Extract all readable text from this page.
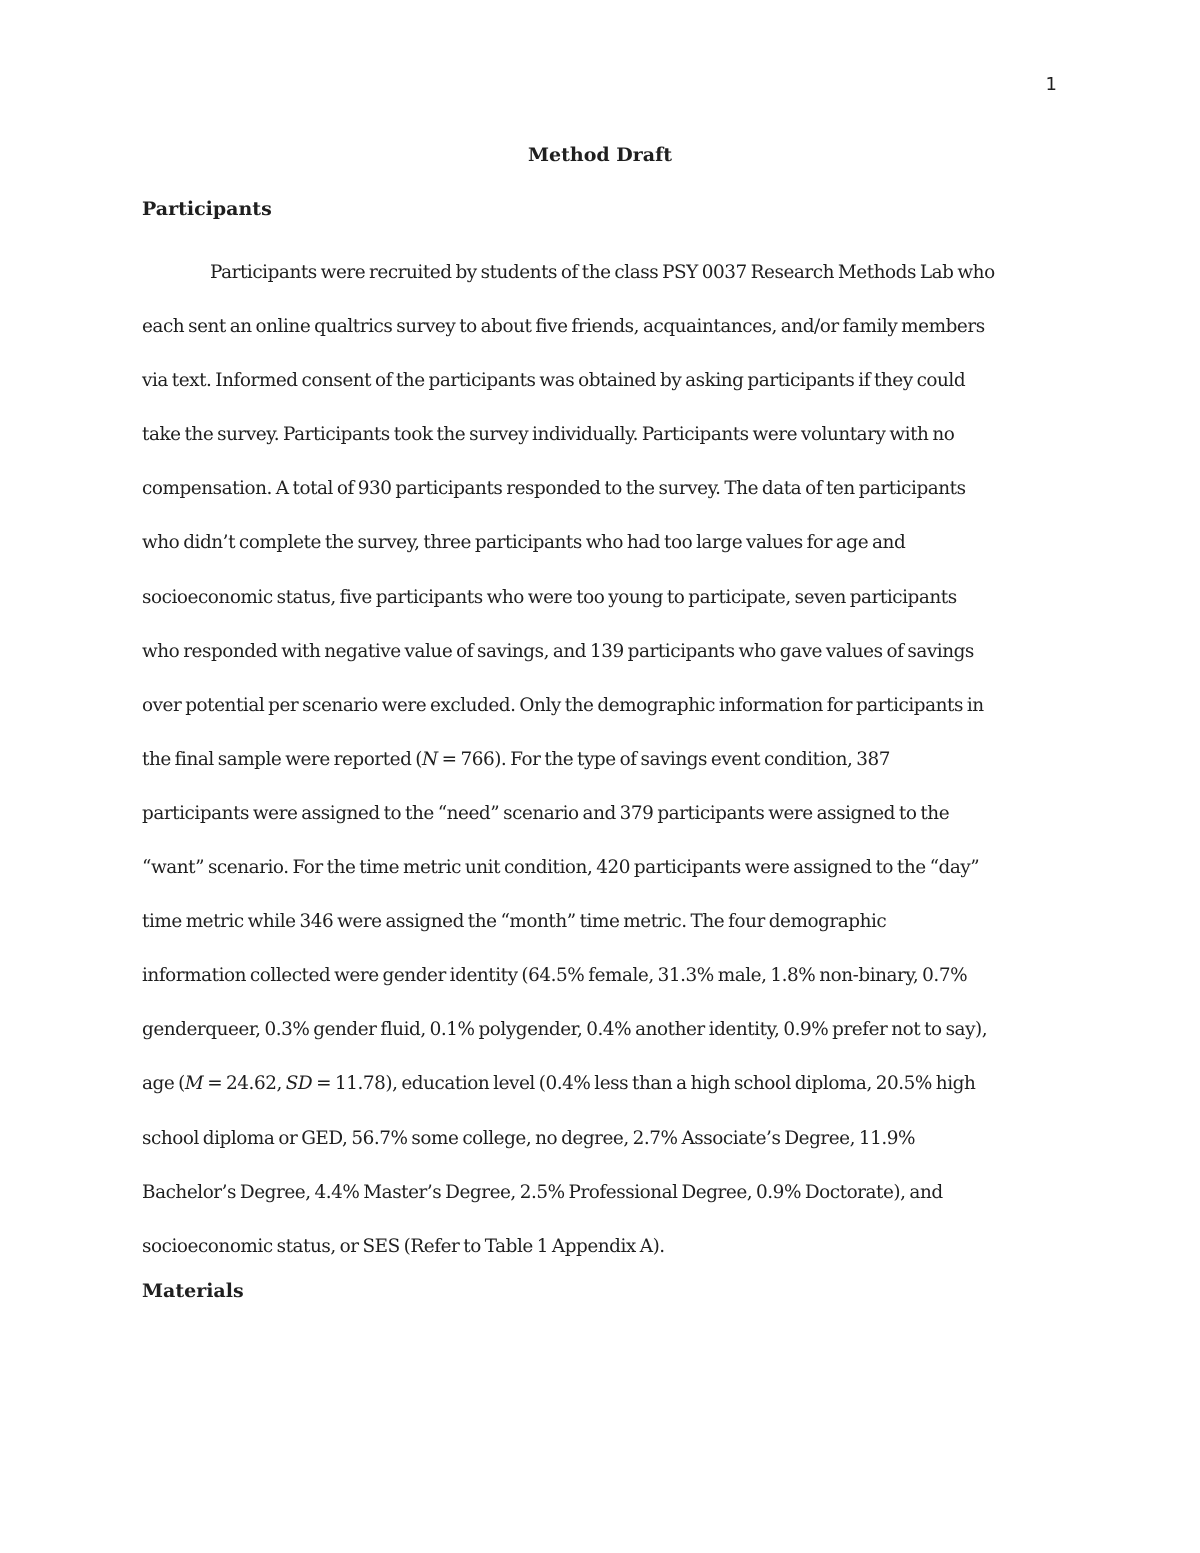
1
Method Draft
Participants

Participants were recruited by students of the class PSY 0037 Research Methods Lab who
each sent an online qualtrics survey to about five friends, acquaintances, and/or family members
via text. Informed consent of the participants was obtained by asking participants if they could
take the survey. Participants took the survey individually. Participants were voluntary with no
compensation. A total of 930 participants responded to the survey. The data of ten participants
who didn’t complete the survey, three participants who had too large values for age and
socioeconomic status, five participants who were too young to participate, seven participants
who responded with negative value of savings, and 139 participants who gave values of savings
over potential per scenario were excluded. Only the demographic information for participants in
the final sample were reported (N = 766). For the type of savings event condition, 387
participants were assigned to the “need” scenario and 379 participants were assigned to the
“want” scenario. For the time metric unit condition, 420 participants were assigned to the “day”
time metric while 346 were assigned the “month” time metric. The four demographic
information collected were gender identity (64.5% female, 31.3% male, 1.8% non-binary, 0.7%
genderqueer, 0.3% gender fluid, 0.1% polygender, 0.4% another identity, 0.9% prefer not to say),
age (M = 24.62, SD = 11.78), education level (0.4% less than a high school diploma, 20.5% high
school diploma or GED, 56.7% some college, no degree, 2.7% Associate’s Degree, 11.9%
Bachelor’s Degree, 4.4% Master’s Degree, 2.5% Professional Degree, 0.9% Doctorate), and
socioeconomic status, or SES (Refer to Table 1 Appendix A).

Materials
